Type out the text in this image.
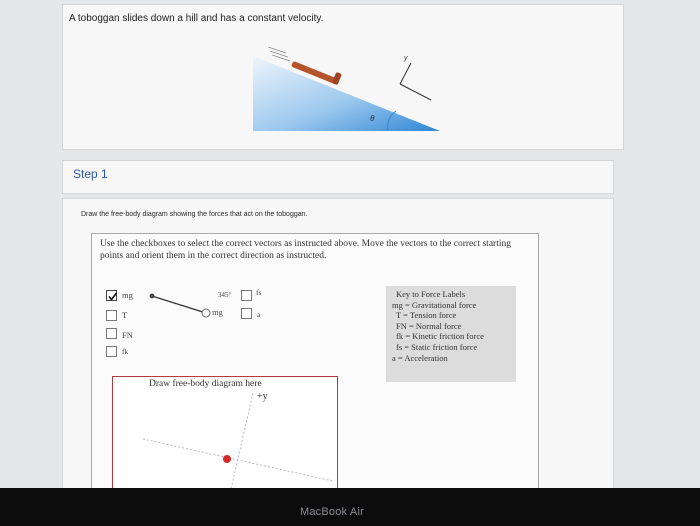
A toboggan slides down a hill and has a constant velocity.
y
θ
Step 1
Draw the free-body diagram showing the forces that act on the toboggan.
Use the checkboxes to select the correct vectors as instructed above. Move the vectors to the correct starting points and orient them in the correct direction as instructed.
mg
T
FN
fk
fs
a
mg
345°	Key to Force Labels
mg = Gravitational force
T = Tension force
FN = Normal force
fk = Kinetic friction force
fs = Static friction force
a = Acceleration
Draw free-body diagram here
+y
MacBook Air
